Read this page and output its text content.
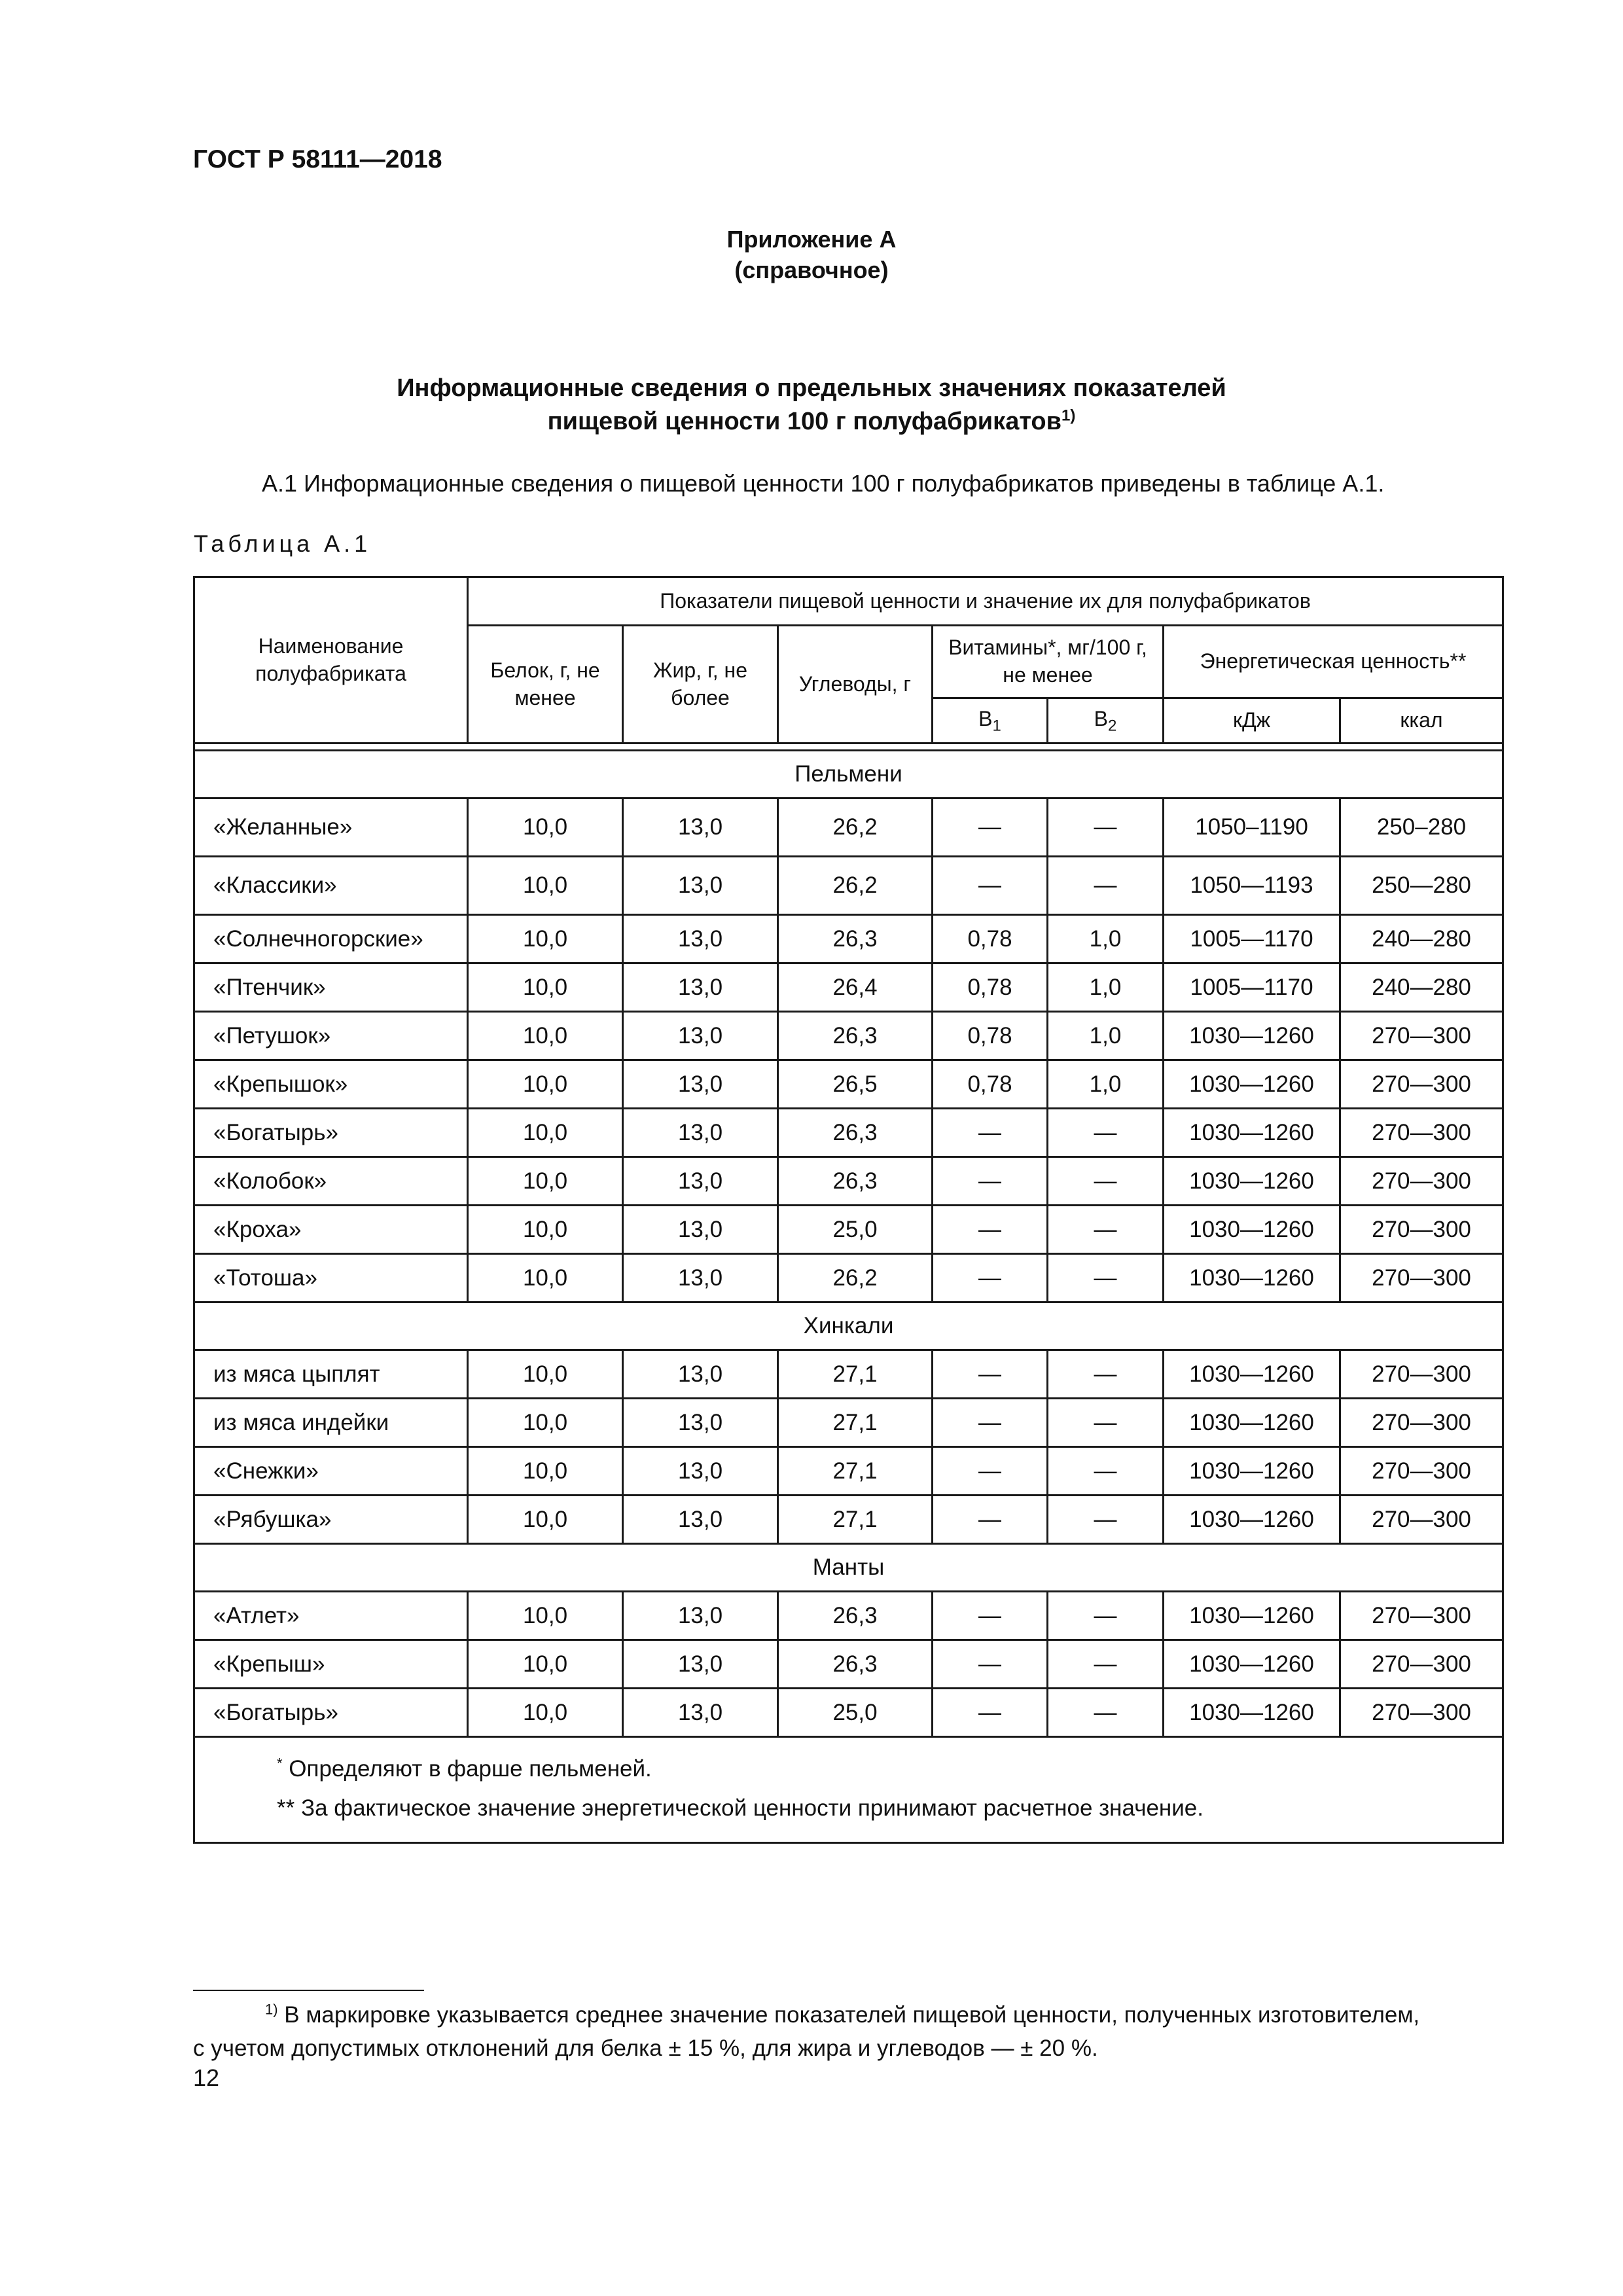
ГОСТ Р 58111—2018
Приложение А
(справочное)
Информационные сведения о предельных значениях показателей
пищевой ценности 100 г полуфабрикатов$^{1)}$
А.1 Информационные сведения о пищевой ценности 100 г полуфабрикатов приведены в таблице А.1.
Таблица А.1
Наименование полуфабриката	Показатели пищевой ценности и значение их для полуфабрикатов						
	Белок, г, не менее	Жир, г, не более	Углеводы, г	Витамины*, мг/100 г, не менее		Энергетическая ценность**	
				$B_1$	$B_2$	кДж	ккал

Пельмени							
«Желанные»	10,0	13,0	26,2	—	—	1050–1190	250–280
«Классики»	10,0	13,0	26,2	—	—	1050—1193	250—280
«Солнечногорские»	10,0	13,0	26,3	0,78	1,0	1005—1170	240—280
«Птенчик»	10,0	13,0	26,4	0,78	1,0	1005—1170	240—280
«Петушок»	10,0	13,0	26,3	0,78	1,0	1030—1260	270—300
«Крепышок»	10,0	13,0	26,5	0,78	1,0	1030—1260	270—300
«Богатырь»	10,0	13,0	26,3	—	—	1030—1260	270—300
«Колобок»	10,0	13,0	26,3	—	—	1030—1260	270—300
«Кроха»	10,0	13,0	25,0	—	—	1030—1260	270—300
«Тотоша»	10,0	13,0	26,2	—	—	1030—1260	270—300
Хинкали							
из мяса цыплят	10,0	13,0	27,1	—	—	1030—1260	270—300
из мяса индейки	10,0	13,0	27,1	—	—	1030—1260	270—300
«Снежки»	10,0	13,0	27,1	—	—	1030—1260	270—300
«Рябушка»	10,0	13,0	27,1	—	—	1030—1260	270—300
Манты							
«Атлет»	10,0	13,0	26,3	—	—	1030—1260	270—300
«Крепыш»	10,0	13,0	26,3	—	—	1030—1260	270—300
«Богатырь»	10,0	13,0	25,0	—	—	1030—1260	270—300

* Определяют в фарше пельменей.
** За фактическое значение энергетической ценности принимают расчетное значение.							
$^{1)}$ В маркировке указывается среднее значение показателей пищевой ценности, полученных изготовителем,
с учетом допустимых отклонений для белка ± 15 %, для жира и углеводов — ± 20 %.
12
